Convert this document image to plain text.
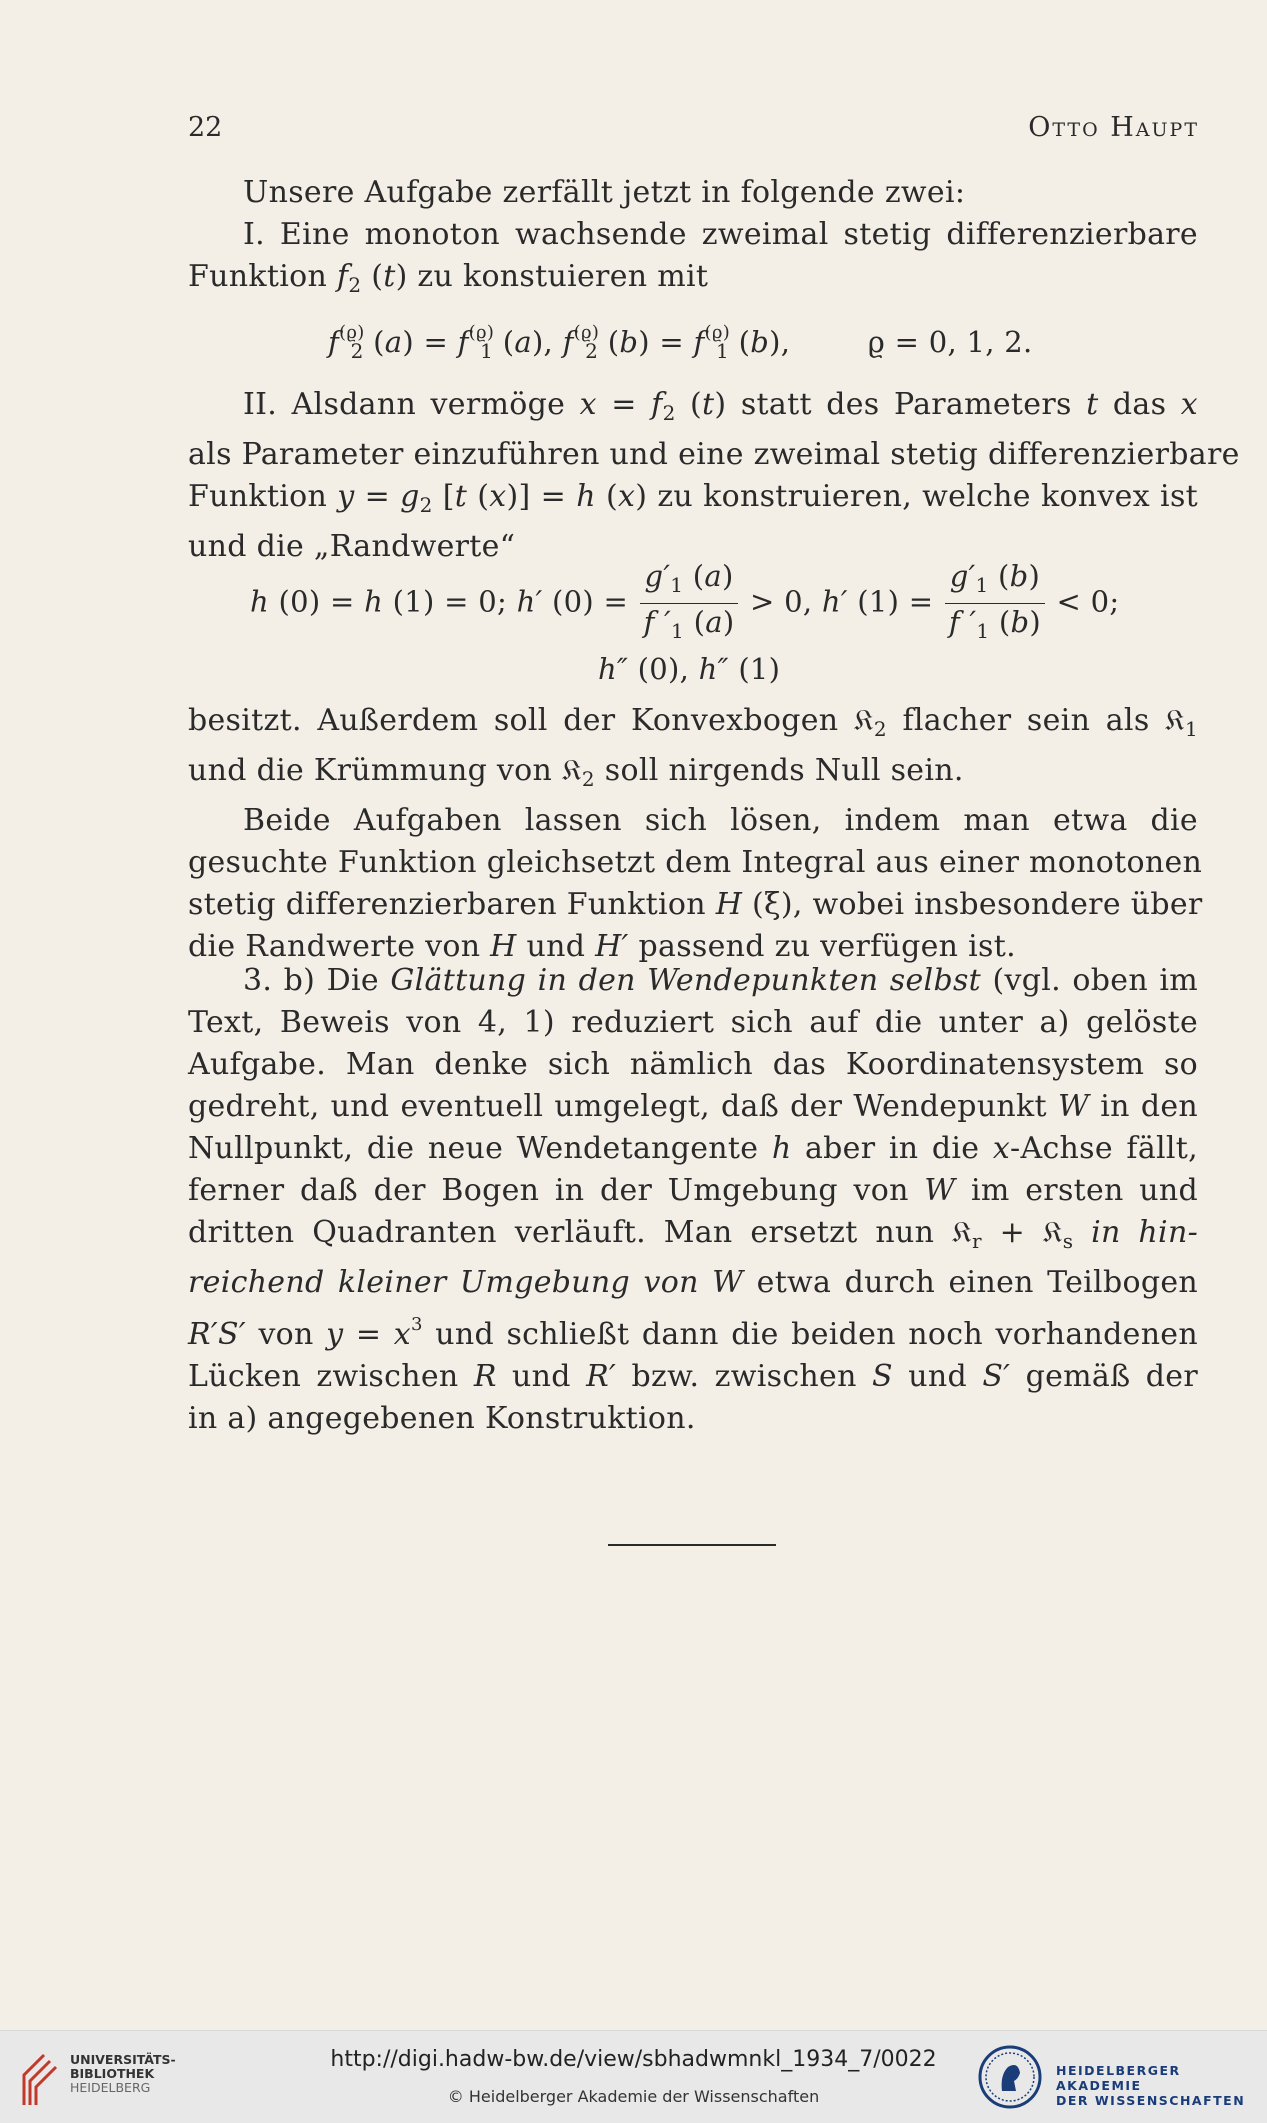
22	Otto Haupt
Unsere Aufgabe zerfällt jetzt in folgende zwei:
I. Eine monoton wachsende zweimal stetig differenzierbare
Funktion $f_2$ (t) zu konstuieren mit
$f^{(ϱ)}_2$ $(a) = f^{(ϱ)}_1$ (a), $f^{(ϱ)}_2$ $(b) = f^{(ϱ)}_1$ (b), ϱ = 0, 1, 2.
II. Alsdann vermöge $x = f_2$ (t) statt des Parameters t das x
als Parameter einzuführen und eine zweimal stetig differenzierbare
Funktion $y = g_2$ [t (x)] = h (x) zu konstruieren, welche konvex ist
und die „Randwerte“
h (0) = h (1) = 0; h′ $(0) = \frac{g'_1 (a)}{f '_1 (a)} > 0$, h′ $(1) = \frac{g'_1 (b)}{f '_1 (b)} < 0$;
h″ (0), h″ (1)
besitzt. Außerdem soll der Konvexbogen 𝔎$_2$ flacher sein als 𝔎$_1$
und die Krümmung von 𝔎$_2$ soll nirgends Null sein.
Beide Aufgaben lassen sich lösen, indem man etwa die
gesuchte Funktion gleichsetzt dem Integral aus einer monotonen
stetig differenzierbaren Funktion H (ξ), wobei insbesondere über
die Randwerte von H und H′ passend zu verfügen ist.
3. b) Die Glättung in den Wendepunkten selbst (vgl. oben im
Text, Beweis von 4, 1) reduziert sich auf die unter a) gelöste
Aufgabe. Man denke sich nämlich das Koordinatensystem so
gedreht, und eventuell umgelegt, daß der Wendepunkt W in den
Nullpunkt, die neue Wendetangente h aber in die x-Achse fällt,
ferner daß der Bogen in der Umgebung von W im ersten und
dritten Quadranten verläuft. Man ersetzt nun 𝔎$_r$ + 𝔎$_s$ in hin-
reichend kleiner Umgebung von W etwa durch einen Teilbogen
R′S′ von $y = x^3$ und schließt dann die beiden noch vorhandenen
Lücken zwischen R und R′ bzw. zwischen S und S′ gemäß der
in a) angegebenen Konstruktion.
UNIVERSITÄTS-
BIBLIOTHEK
HEIDELBERG
http://digi.hadw-bw.de/view/sbhadwmnkl_1934_7/0022
© Heidelberger Akademie der Wissenschaften
HEIDELBERGER AKADEMIE
DER WISSENSCHAFTEN
